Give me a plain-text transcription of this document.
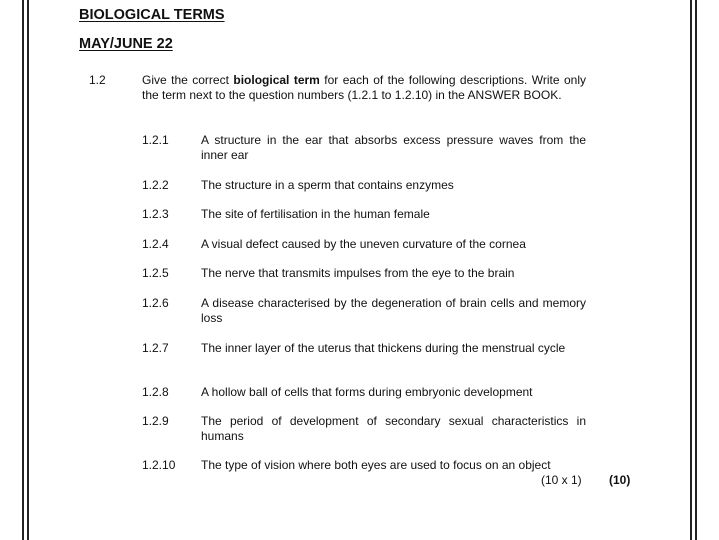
BIOLOGICAL TERMS
MAY/JUNE 22
1.2	Give the correct biological term for each of the following descriptions. Write only the term next to the question numbers (1.2.1 to 1.2.10) in the ANSWER BOOK.
1.2.1	A structure in the ear that absorbs excess pressure waves from the inner ear
1.2.2	The structure in a sperm that contains enzymes
1.2.3	The site of fertilisation in the human female
1.2.4	A visual defect caused by the uneven curvature of the cornea
1.2.5	The nerve that transmits impulses from the eye to the brain
1.2.6	A disease characterised by the degeneration of brain cells and memory loss
1.2.7	The inner layer of the uterus that thickens during the menstrual cycle
1.2.8	A hollow ball of cells that forms during embryonic development
1.2.9	The period of development of secondary sexual characteristics in humans
1.2.10 The type of vision where both eyes are used to focus on an object
(10 x 1) (10)
